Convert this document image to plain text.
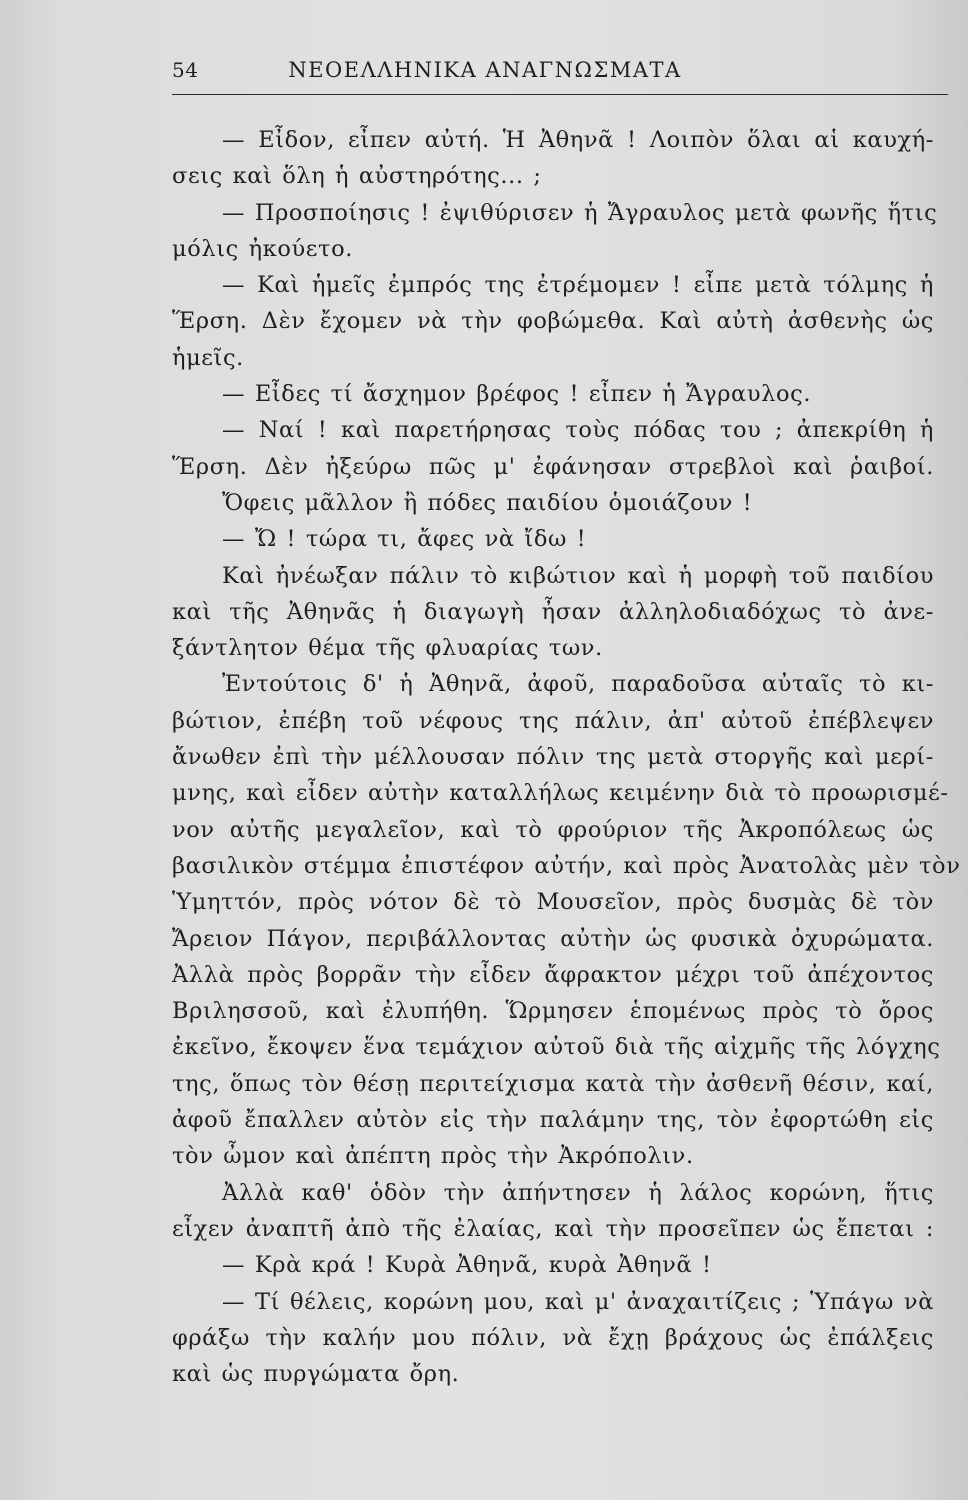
54	ΝΕΟΕΛΛΗΝΙΚΑ ΑΝΑΓΝΩΣΜΑΤΑ
— Εἶδον, εἶπεν αὐτή. Ἡ Ἀθηνᾶ ! Λοιπὸν ὅλαι αἱ καυχή-
σεις καὶ ὅλη ἡ αὐστηρότης... ;
— Προσποίησις ! ἐψιθύρισεν ἡ Ἄγραυλος μετὰ φωνῆς ἥτις
μόλις ἠκούετο.
— Καὶ ἡμεῖς ἐμπρός της ἐτρέμομεν ! εἶπε μετὰ τόλμης ἡ
Ἕρση. Δὲν ἔχομεν νὰ τὴν φοβώμεθα. Καὶ αὐτὴ ἀσθενὴς ὡς
ἡμεῖς.
— Εἶδες τί ἄσχημον βρέφος ! εἶπεν ἡ Ἄγραυλος.
— Ναί ! καὶ παρετήρησας τοὺς πόδας του ; ἀπεκρίθη ἡ
Ἕρση. Δὲν ἠξεύρω πῶς μ' ἐφάνησαν στρεβλοὶ καὶ ῥαιβοί.
Ὄφεις μᾶλλον ἢ πόδες παιδίου ὁμοιάζουν !
— Ὤ ! τώρα τι, ἄφες νὰ ἴδω !
Καὶ ἠνέωξαν πάλιν τὸ κιβώτιον καὶ ἡ μορφὴ τοῦ παιδίου
καὶ τῆς Ἀθηνᾶς ἡ διαγωγὴ ἦσαν ἀλληλοδιαδόχως τὸ ἀνε-
ξάντλητον θέμα τῆς φλυαρίας των.
Ἐντούτοις δ' ἡ Ἀθηνᾶ, ἀφοῦ, παραδοῦσα αὐταῖς τὸ κι-
βώτιον, ἐπέβη τοῦ νέφους της πάλιν, ἀπ' αὐτοῦ ἐπέβλεψεν
ἄνωθεν ἐπὶ τὴν μέλλουσαν πόλιν της μετὰ στοργῆς καὶ μερί-
μνης, καὶ εἶδεν αὐτὴν καταλλήλως κειμένην διὰ τὸ προωρισμέ-
νον αὐτῆς μεγαλεῖον, καὶ τὸ φρούριον τῆς Ἀκροπόλεως ὡς
βασιλικὸν στέμμα ἐπιστέφον αὐτήν, καὶ πρὸς Ἀνατολὰς μὲν τὸν
Ὑμηττόν, πρὸς νότον δὲ τὸ Μουσεῖον, πρὸς δυσμὰς δὲ τὸν
Ἄρειον Πάγον, περιβάλλοντας αὐτὴν ὡς φυσικὰ ὀχυρώματα.
Ἀλλὰ πρὸς βορρᾶν τὴν εἶδεν ἄφρακτον μέχρι τοῦ ἀπέχοντος
Βριλησσοῦ, καὶ ἐλυπήθη. Ὥρμησεν ἑπομένως πρὸς τὸ ὄρος
ἐκεῖνο, ἔκοψεν ἕνα τεμάχιον αὐτοῦ διὰ τῆς αἰχμῆς τῆς λόγχης
της, ὅπως τὸν θέσῃ περιτείχισμα κατὰ τὴν ἀσθενῆ θέσιν, καί,
ἀφοῦ ἔπαλλεν αὐτὸν εἰς τὴν παλάμην της, τὸν ἐφορτώθη εἰς
τὸν ὦμον καὶ ἀπέπτη πρὸς τὴν Ἀκρόπολιν.
Ἀλλὰ καθ' ὁδὸν τὴν ἀπήντησεν ἡ λάλος κορώνη, ἥτις
εἶχεν ἀναπτῆ ἀπὸ τῆς ἐλαίας, καὶ τὴν προσεῖπεν ὡς ἔπεται :
— Κρὰ κρά ! Κυρὰ Ἀθηνᾶ, κυρὰ Ἀθηνᾶ !
— Τί θέλεις, κορώνη μου, καὶ μ' ἀναχαιτίζεις ; Ὑπάγω νὰ
φράξω τὴν καλήν μου πόλιν, νὰ ἔχῃ βράχους ὡς ἐπάλξεις
καὶ ὡς πυργώματα ὄρη.
